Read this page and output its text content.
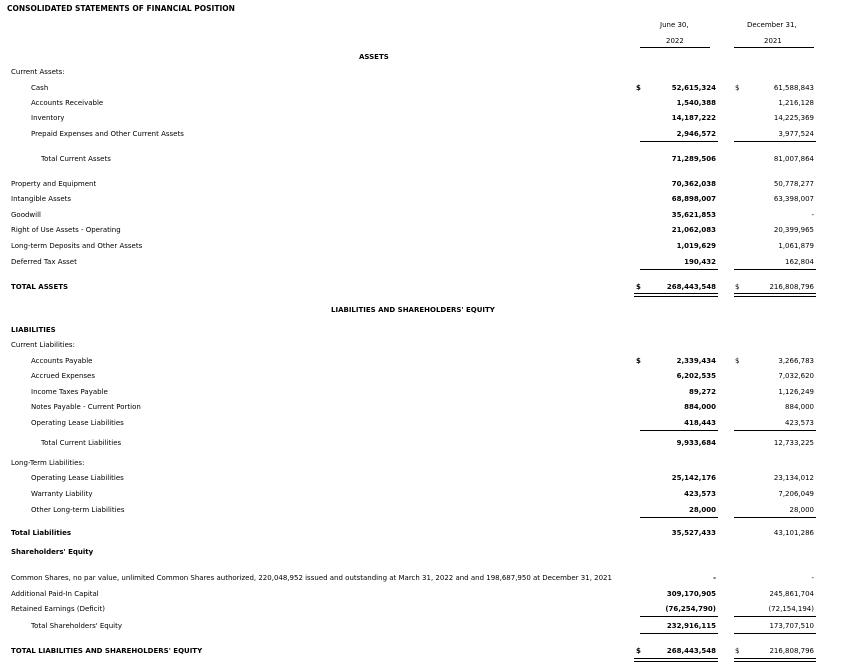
CONSOLIDATED STATEMENTS OF FINANCIAL POSITION
June 30,
2022
December 31,
2021
ASSETS
Current Assets:
Cash	$	52,615,324	$	61,588,843
Accounts Receivable	1,540,388	1,216,128
Inventory	14,187,222	14,225,369
Prepaid Expenses and Other Current Assets	2,946,572	3,977,524
Total Current Assets	71,289,506	81,007,864
Property and Equipment	70,362,038	50,778,277
Intangible Assets	68,898,007	63,398,007
Goodwill	35,621,853	-
Right of Use Assets - Operating	21,062,083	20,399,965
Long-term Deposits and Other Assets	1,019,629	1,061,879
Deferred Tax Asset	190,432	162,804
TOTAL ASSETS	$	268,443,548	$	216,808,796
LIABILITIES AND SHAREHOLDERS' EQUITY
LIABILITIES
Current Liabilities:
Accounts Payable	$	2,339,434	$	3,266,783
Accrued Expenses	6,202,535	7,032,620
Income Taxes Payable	89,272	1,126,249
Notes Payable - Current Portion	884,000	884,000
Operating Lease Liabilities	418,443	423,573
Total Current Liabilities	9,933,684	12,733,225
Long-Term Liabilities:
Operating Lease Liabilities	25,142,176	23,134,012
Warranty Liability	423,573	7,206,049
Other Long-term Liabilities	28,000	28,000
Total Liabilities	35,527,433	43,101,286
Shareholders' Equity
Common Shares, no par value, unlimited Common Shares authorized, 220,048,952 issued and outstanding at March 31, 2022 and and 198,687,950 at December 31, 2021	-	-
Additional Paid-In Capital	309,170,905	245,861,704
Retained Earnings (Deficit)	(76,254,790)	(72,154,194)
Total Shareholders' Equity	232,916,115	173,707,510
TOTAL LIABILITIES AND SHAREHOLDERS' EQUITY	$	268,443,548	$	216,808,796
